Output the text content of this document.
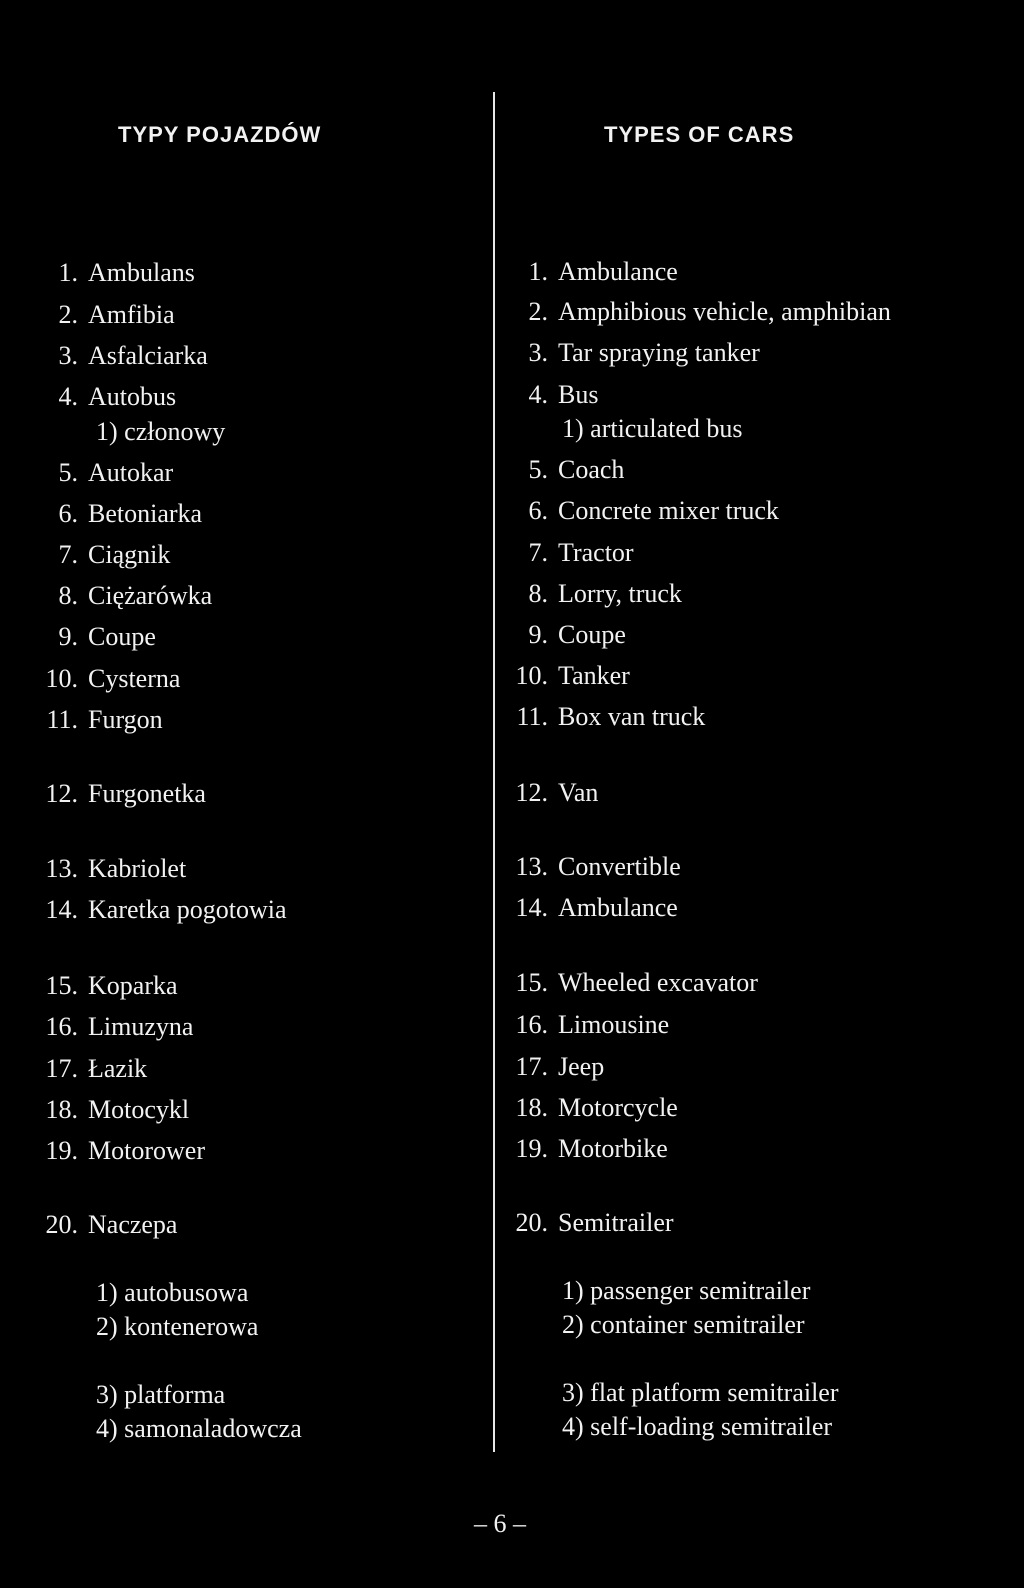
TYPY POJAZDÓW	TYPES OF CARS
1. Ambulans
2. Amfibia
3. Asfalciarka
4. Autobus
1) członowy
5. Autokar
6. Betoniarka
7. Ciągnik
8. Ciężarówka
9. Coupe
10. Cysterna
11. Furgon
12. Furgonetka
13. Kabriolet
14. Karetka pogotowia
15. Koparka
16. Limuzyna
17. Łazik
18. Motocykl
19. Motorower
20. Naczepa
1) autobusowa
2) kontenerowa
3) platforma
4) samonaladowcza
1. Ambulance
2. Amphibious vehicle, amphibian
3. Tar spraying tanker
4. Bus
1) articulated bus
5. Coach
6. Concrete mixer truck
7. Tractor
8. Lorry, truck
9. Coupe
10. Tanker
11. Box van truck
12. Van
13. Convertible
14. Ambulance
15. Wheeled excavator
16. Limousine
17. Jeep
18. Motorcycle
19. Motorbike
20. Semitrailer
1) passenger semitrailer
2) container semitrailer
3) flat platform semitrailer
4) self-loading semitrailer
– 6 –
